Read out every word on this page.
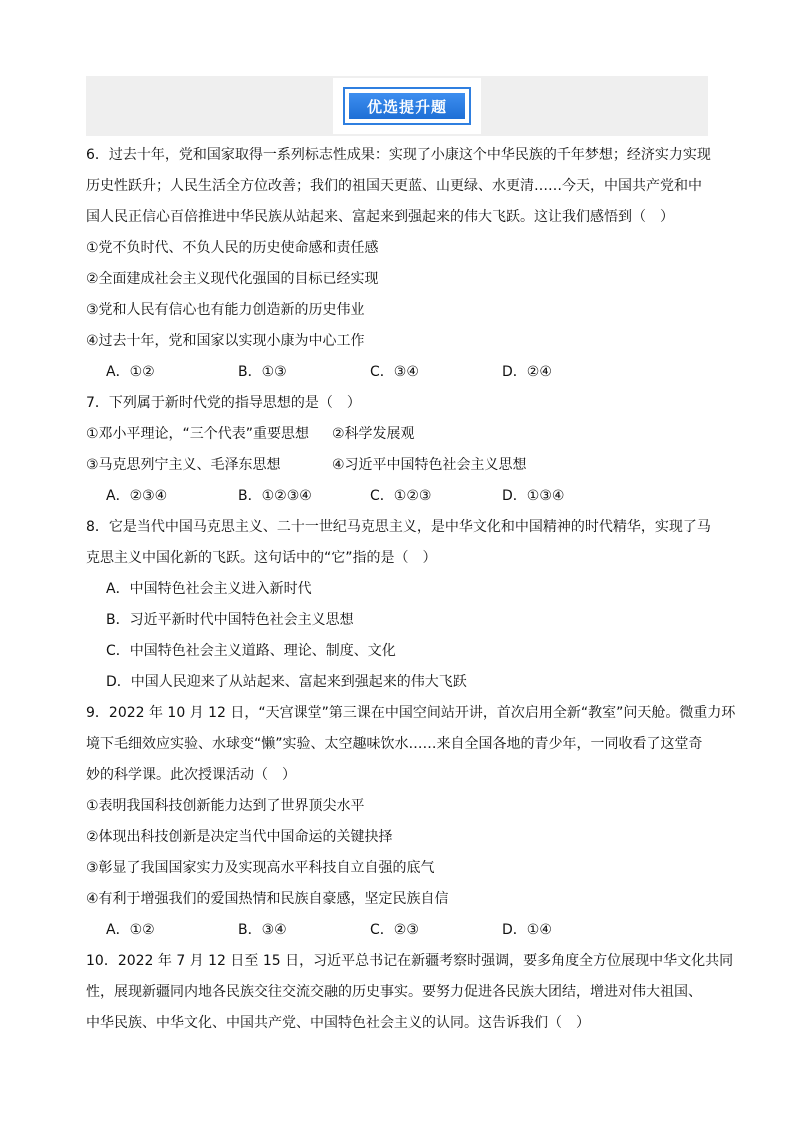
优选提升题

6．过去十年，党和国家取得一系列标志性成果：实现了小康这个中华民族的千年梦想；经济实力实现

历史性跃升；人民生活全方位改善；我们的祖国天更蓝、山更绿、水更清……今天，中国共产党和中

国人民正信心百倍推进中华民族从站起来、富起来到强起来的伟大飞跃。这让我们感悟到（　）

①党不负时代、不负人民的历史使命感和责任感

②全面建成社会主义现代化强国的目标已经实现

③党和人民有信心也有能力创造新的历史伟业

④过去十年，党和国家以实现小康为中心工作

A．①②	B．①③	C．③④	D．②④

7．下列属于新时代党的指导思想的是（　）

①邓小平理论，“三个代表”重要思想	②科学发展观
③马克思列宁主义、毛泽东思想	④习近平中国特色社会主义思想
A．②③④	B．①②③④	C．①②③	D．①③④

8．它是当代中国马克思主义、二十一世纪马克思主义，是中华文化和中国精神的时代精华，实现了马

克思主义中国化新的飞跃。这句话中的“它”指的是（　）

A．中国特色社会主义进入新时代

B．习近平新时代中国特色社会主义思想

C．中国特色社会主义道路、理论、制度、文化

D．中国人民迎来了从站起来、富起来到强起来的伟大飞跃

9．2022 年 10 月 12 日，“天宫课堂”第三课在中国空间站开讲，首次启用全新“教室”问天舱。微重力环

境下毛细效应实验、水球变“懒”实验、太空趣味饮水……来自全国各地的青少年，一同收看了这堂奇

妙的科学课。此次授课活动（　）

①表明我国科技创新能力达到了世界顶尖水平

②体现出科技创新是决定当代中国命运的关键抉择

③彰显了我国国家实力及实现高水平科技自立自强的底气

④有利于增强我们的爱国热情和民族自豪感，坚定民族自信

A．①②	B．③④	C．②③	D．①④

10．2022 年 7 月 12 日至 15 日，习近平总书记在新疆考察时强调，要多角度全方位展现中华文化共同

性，展现新疆同内地各民族交往交流交融的历史事实。要努力促进各民族大团结，增进对伟大祖国、

中华民族、中华文化、中国共产党、中国特色社会主义的认同。这告诉我们（　）
